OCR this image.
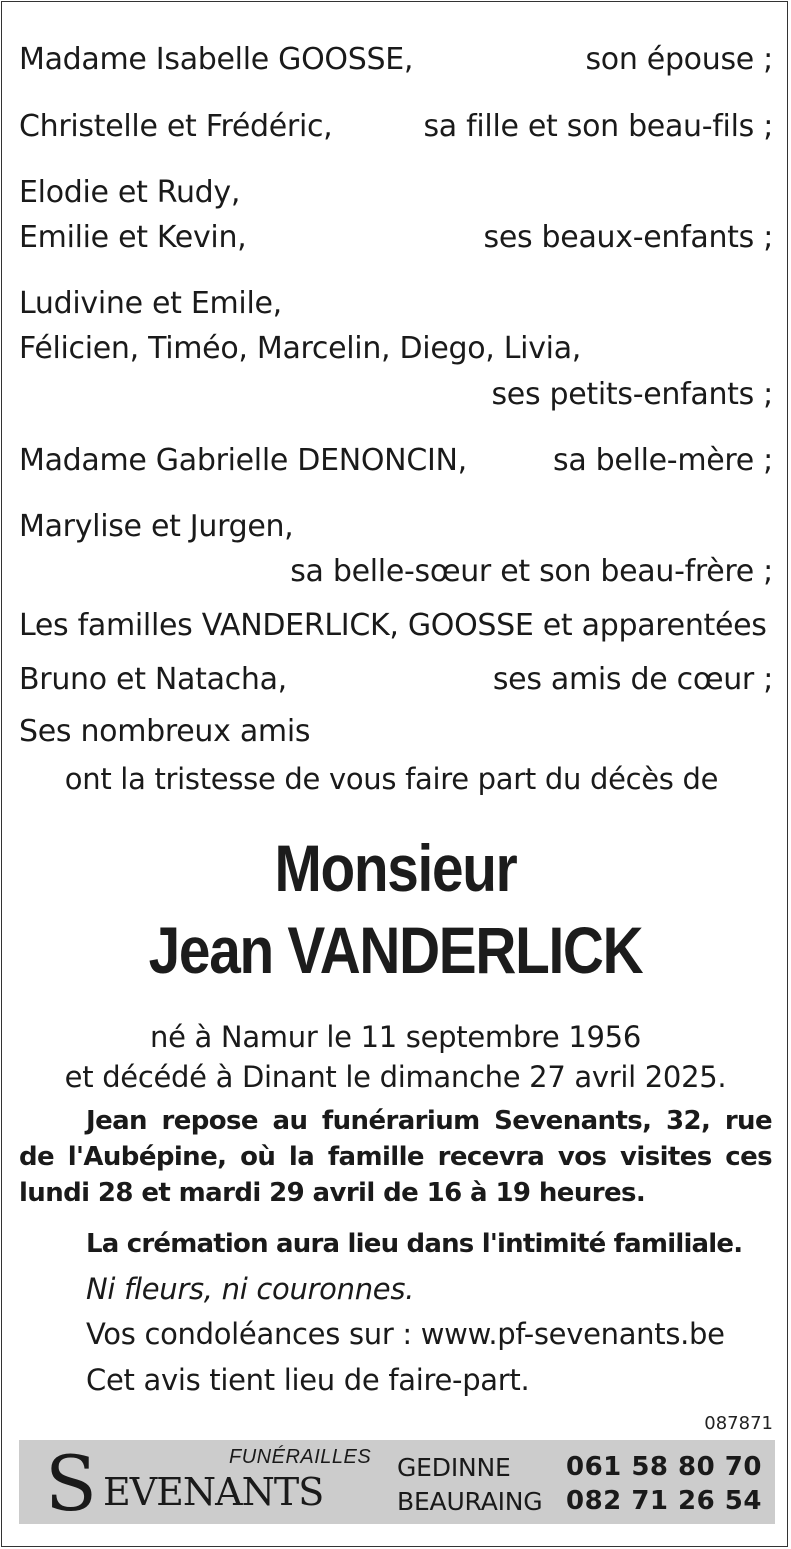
Madame Isabelle GOOSSE,	son épouse ;
Christelle et Frédéric,	sa fille et son beau-fils ;
Elodie et Rudy,
Emilie et Kevin,	ses beaux-enfants ;
Ludivine et Emile,
Félicien, Timéo, Marcelin, Diego, Livia,
ses petits-enfants ;
Madame Gabrielle DENONCIN,	sa belle-mère ;
Marylise et Jurgen,
sa belle-sœur et son beau-frère ;
Les familles VANDERLICK, GOOSSE et apparentées
Bruno et Natacha,	ses amis de cœur ;
Ses nombreux amis
ont la tristesse de vous faire part du décès de
Monsieur
Jean VANDERLICK
né à Namur le 11 septembre 1956
et décédé à Dinant le dimanche 27 avril 2025.
Jean repose au funérarium Sevenants, 32, rue de l'Aubépine, où la famille recevra vos visites ces lundi 28 et mardi 29 avril de 16 à 19 heures.
La crémation aura lieu dans l'intimité familiale.
Ni fleurs, ni couronnes.
Vos condoléances sur : www.pf-sevenants.be
Cet avis tient lieu de faire-part.
087871
FUNÉRAILLES
S EVENANTS
GEDINNE 061 58 80 70
BEAURAING 082 71 26 54
